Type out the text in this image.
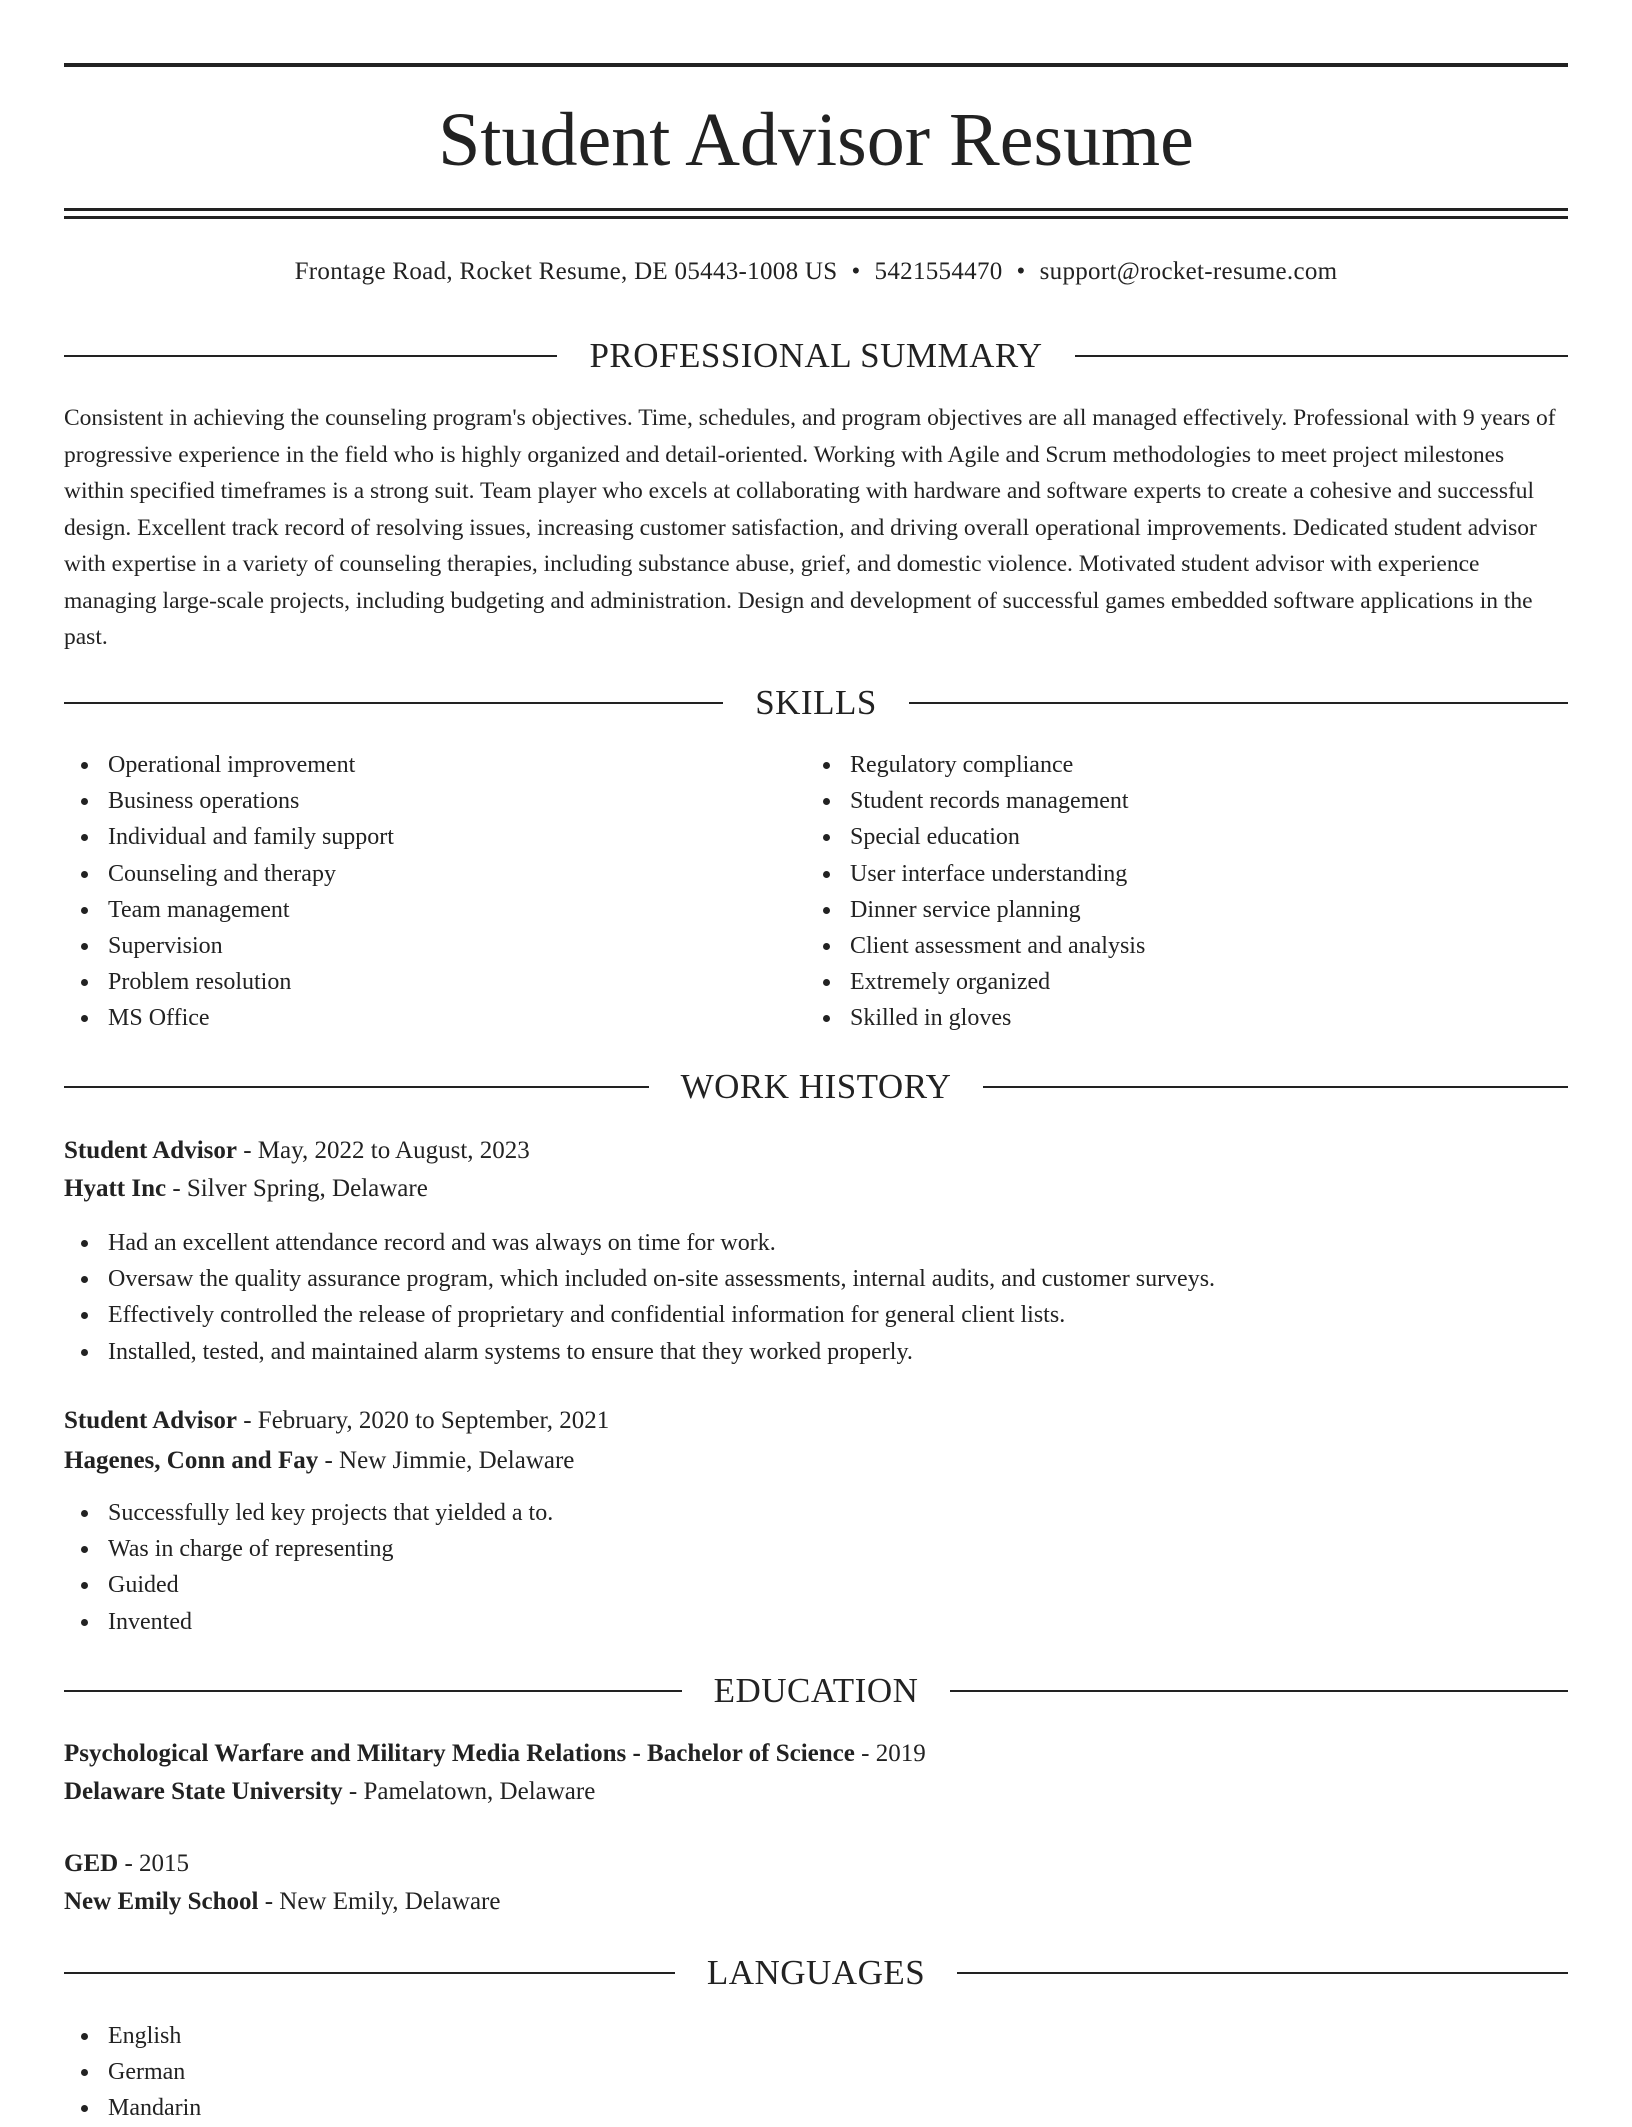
Student Advisor Resume
Frontage Road, Rocket Resume, DE 05443-1008 US • 5421554470 • support@rocket-resume.com
PROFESSIONAL SUMMARY

Consistent in achieving the counseling program's objectives. Time, schedules, and program objectives are all managed effectively. Professional with 9 years of progressive experience in the field who is highly organized and detail-oriented. Working with Agile and Scrum methodologies to meet project milestones within specified timeframes is a strong suit. Team player who excels at collaborating with hardware and software experts to create a cohesive and successful design. Excellent track record of resolving issues, increasing customer satisfaction, and driving overall operational improvements. Dedicated student advisor with expertise in a variety of counseling therapies, including substance abuse, grief, and domestic violence. Motivated student advisor with experience managing large-scale projects, including budgeting and administration. Design and development of successful games embedded software applications in the past.

SKILLS
Operational improvement
Business operations
Individual and family support
Counseling and therapy
Team management
Supervision
Problem resolution
MS Office
Regulatory compliance
Student records management
Special education
User interface understanding
Dinner service planning
Client assessment and analysis
Extremely organized
Skilled in gloves
WORK HISTORY
Student Advisor - May, 2022 to August, 2023
Hyatt Inc - Silver Spring, Delaware
Had an excellent attendance record and was always on time for work.
Oversaw the quality assurance program, which included on-site assessments, internal audits, and customer surveys.
Effectively controlled the release of proprietary and confidential information for general client lists.
Installed, tested, and maintained alarm systems to ensure that they worked properly.
Student Advisor - February, 2020 to September, 2021
Hagenes, Conn and Fay - New Jimmie, Delaware
Successfully led key projects that yielded a to.
Was in charge of representing
Guided
Invented
EDUCATION
Psychological Warfare and Military Media Relations - Bachelor of Science - 2019
Delaware State University - Pamelatown, Delaware
GED - 2015
New Emily School - New Emily, Delaware
LANGUAGES
English
German
Mandarin
